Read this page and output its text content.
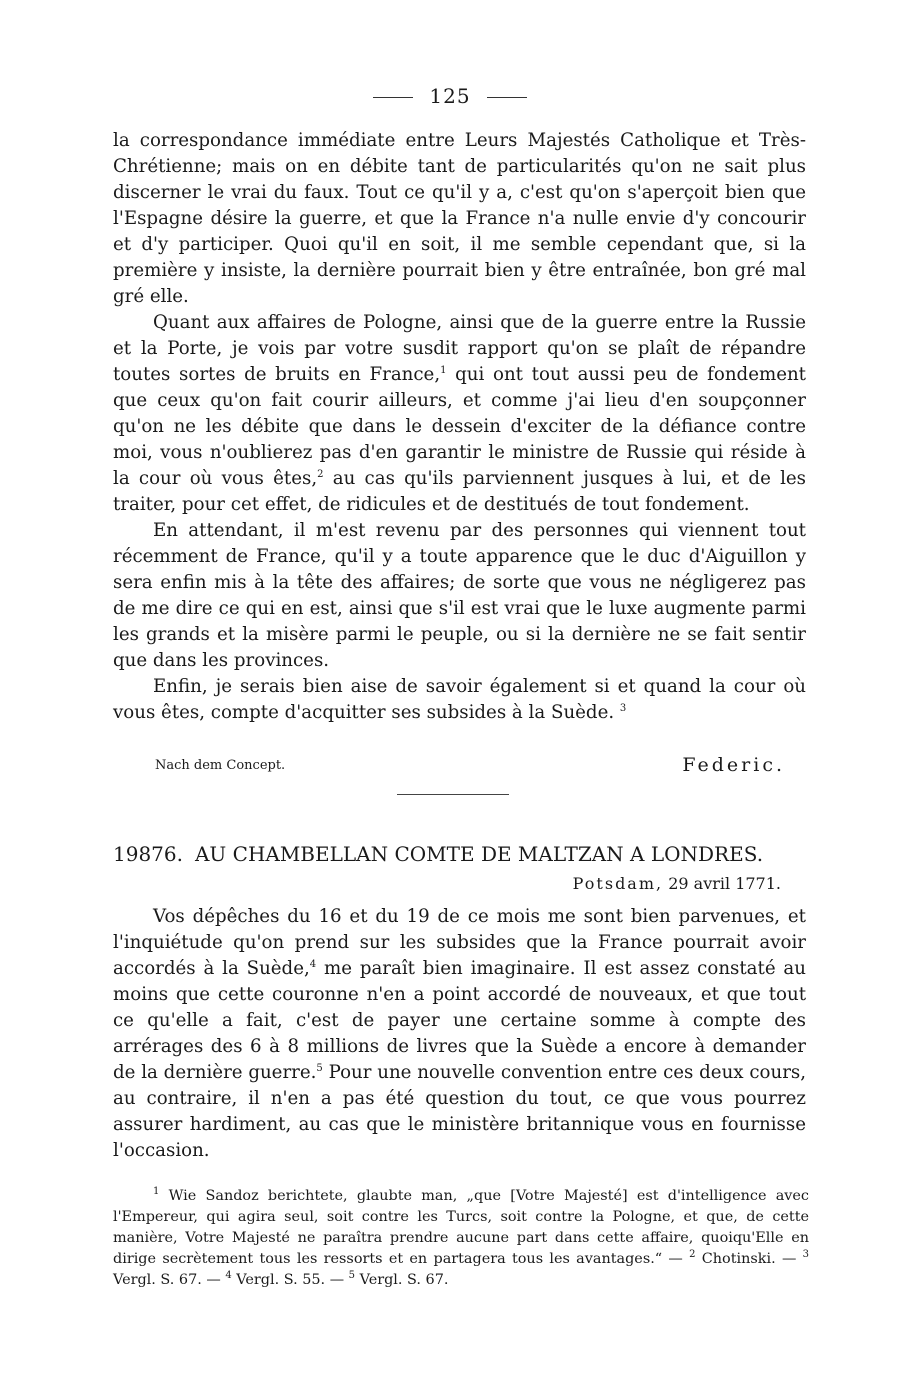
125

la correspondance immédiate entre Leurs Majestés Catholique et Très-Chrétienne; mais on en débite tant de particularités qu'on ne sait plus discerner le vrai du faux. Tout ce qu'il y a, c'est qu'on s'aperçoit bien que l'Espagne désire la guerre, et que la France n'a nulle envie d'y concourir et d'y participer. Quoi qu'il en soit, il me semble cependant que, si la première y insiste, la dernière pourrait bien y être entraînée, bon gré mal gré elle.

Quant aux affaires de Pologne, ainsi que de la guerre entre la Russie et la Porte, je vois par votre susdit rapport qu'on se plaît de répandre toutes sortes de bruits en France,$^1$ qui ont tout aussi peu de fondement que ceux qu'on fait courir ailleurs, et comme j'ai lieu d'en soupçonner qu'on ne les débite que dans le dessein d'exciter de la défiance contre moi, vous n'oublierez pas d'en garantir le ministre de Russie qui réside à la cour où vous êtes,$^2$ au cas qu'ils parviennent jusques à lui, et de les traiter, pour cet effet, de ridicules et de destitués de tout fondement.

En attendant, il m'est revenu par des personnes qui viennent tout récemment de France, qu'il y a toute apparence que le duc d'Aiguillon y sera enfin mis à la tête des affaires; de sorte que vous ne négligerez pas de me dire ce qui en est, ainsi que s'il est vrai que le luxe augmente parmi les grands et la misère parmi le peuple, ou si la dernière ne se fait sentir que dans les provinces.

Enfin, je serais bien aise de savoir également si et quand la cour où vous êtes, compte d'acquitter ses subsides à la Suède. $^3$

Nach dem Concept.	Federic.
19876. AU CHAMBELLAN COMTE DE MALTZAN A LONDRES.
Potsdam, 29 avril 1771.

Vos dépêches du 16 et du 19 de ce mois me sont bien parvenues, et l'inquiétude qu'on prend sur les subsides que la France pourrait avoir accordés à la Suède,$^4$ me paraît bien imaginaire. Il est assez constaté au moins que cette couronne n'en a point accordé de nouveaux, et que tout ce qu'elle a fait, c'est de payer une certaine somme à compte des arrérages des 6 à 8 millions de livres que la Suède a encore à demander de la dernière guerre.$^5$ Pour une nouvelle convention entre ces deux cours, au contraire, il n'en a pas été question du tout, ce que vous pourrez assurer hardiment, au cas que le ministère britannique vous en fournisse l'occasion.

$^1$ Wie Sandoz berichtete, glaubte man, „que [Votre Majesté] est d'intelligence avec l'Empereur, qui agira seul, soit contre les Turcs, soit contre la Pologne, et que, de cette manière, Votre Majesté ne paraîtra prendre aucune part dans cette affaire, quoiqu'Elle en dirige secrètement tous les ressorts et en partagera tous les avantages.“ — $^2$ Chotinski. — $^3$ Vergl. S. 67. — $^4$ Vergl. S. 55. — $^5$ Vergl. S. 67.
